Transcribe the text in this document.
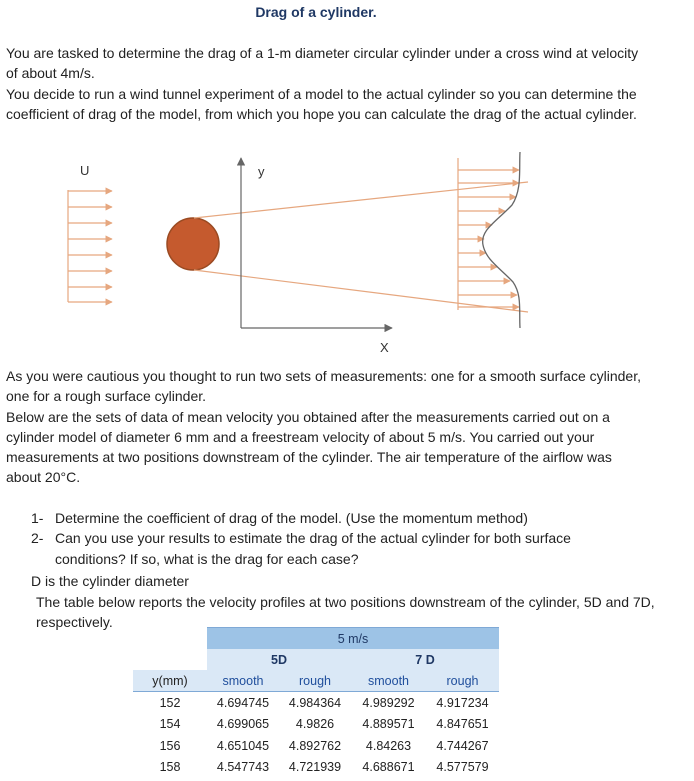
Drag of a cylinder.
You are tasked to determine the drag of a 1-m diameter circular cylinder under a cross wind at velocity of about 4m/s.
You decide to run a wind tunnel experiment of a model to the actual cylinder so you can determine the coefficient of drag of the model, from which you hope you can calculate the drag of the actual cylinder.
U	y
X
As you were cautious you thought to run two sets of measurements: one for a smooth surface cylinder, one for a rough surface cylinder.
Below are the sets of data of mean velocity you obtained after the measurements carried out on a cylinder model of diameter 6 mm and a freestream velocity of about 5 m/s. You carried out your measurements at two positions downstream of the cylinder. The air temperature of the airflow was about 20°C.
1- Determine the coefficient of drag of the model. (Use the momentum method)
2- Can you use your results to estimate the drag of the actual cylinder for both surface conditions? If so, what is the drag for each case?
D is the cylinder diameter
The table below reports the velocity profiles at two positions downstream of the cylinder, 5D and 7D, respectively.
	5 m/s			
	5D		7 D	
y(mm)	smooth	rough	smooth	rough
152	4.694745	4.984364	4.989292	4.917234
154	4.699065	4.9826	4.889571	4.847651
156	4.651045	4.892762	4.84263	4.744267
158	4.547743	4.721939	4.688671	4.577579
